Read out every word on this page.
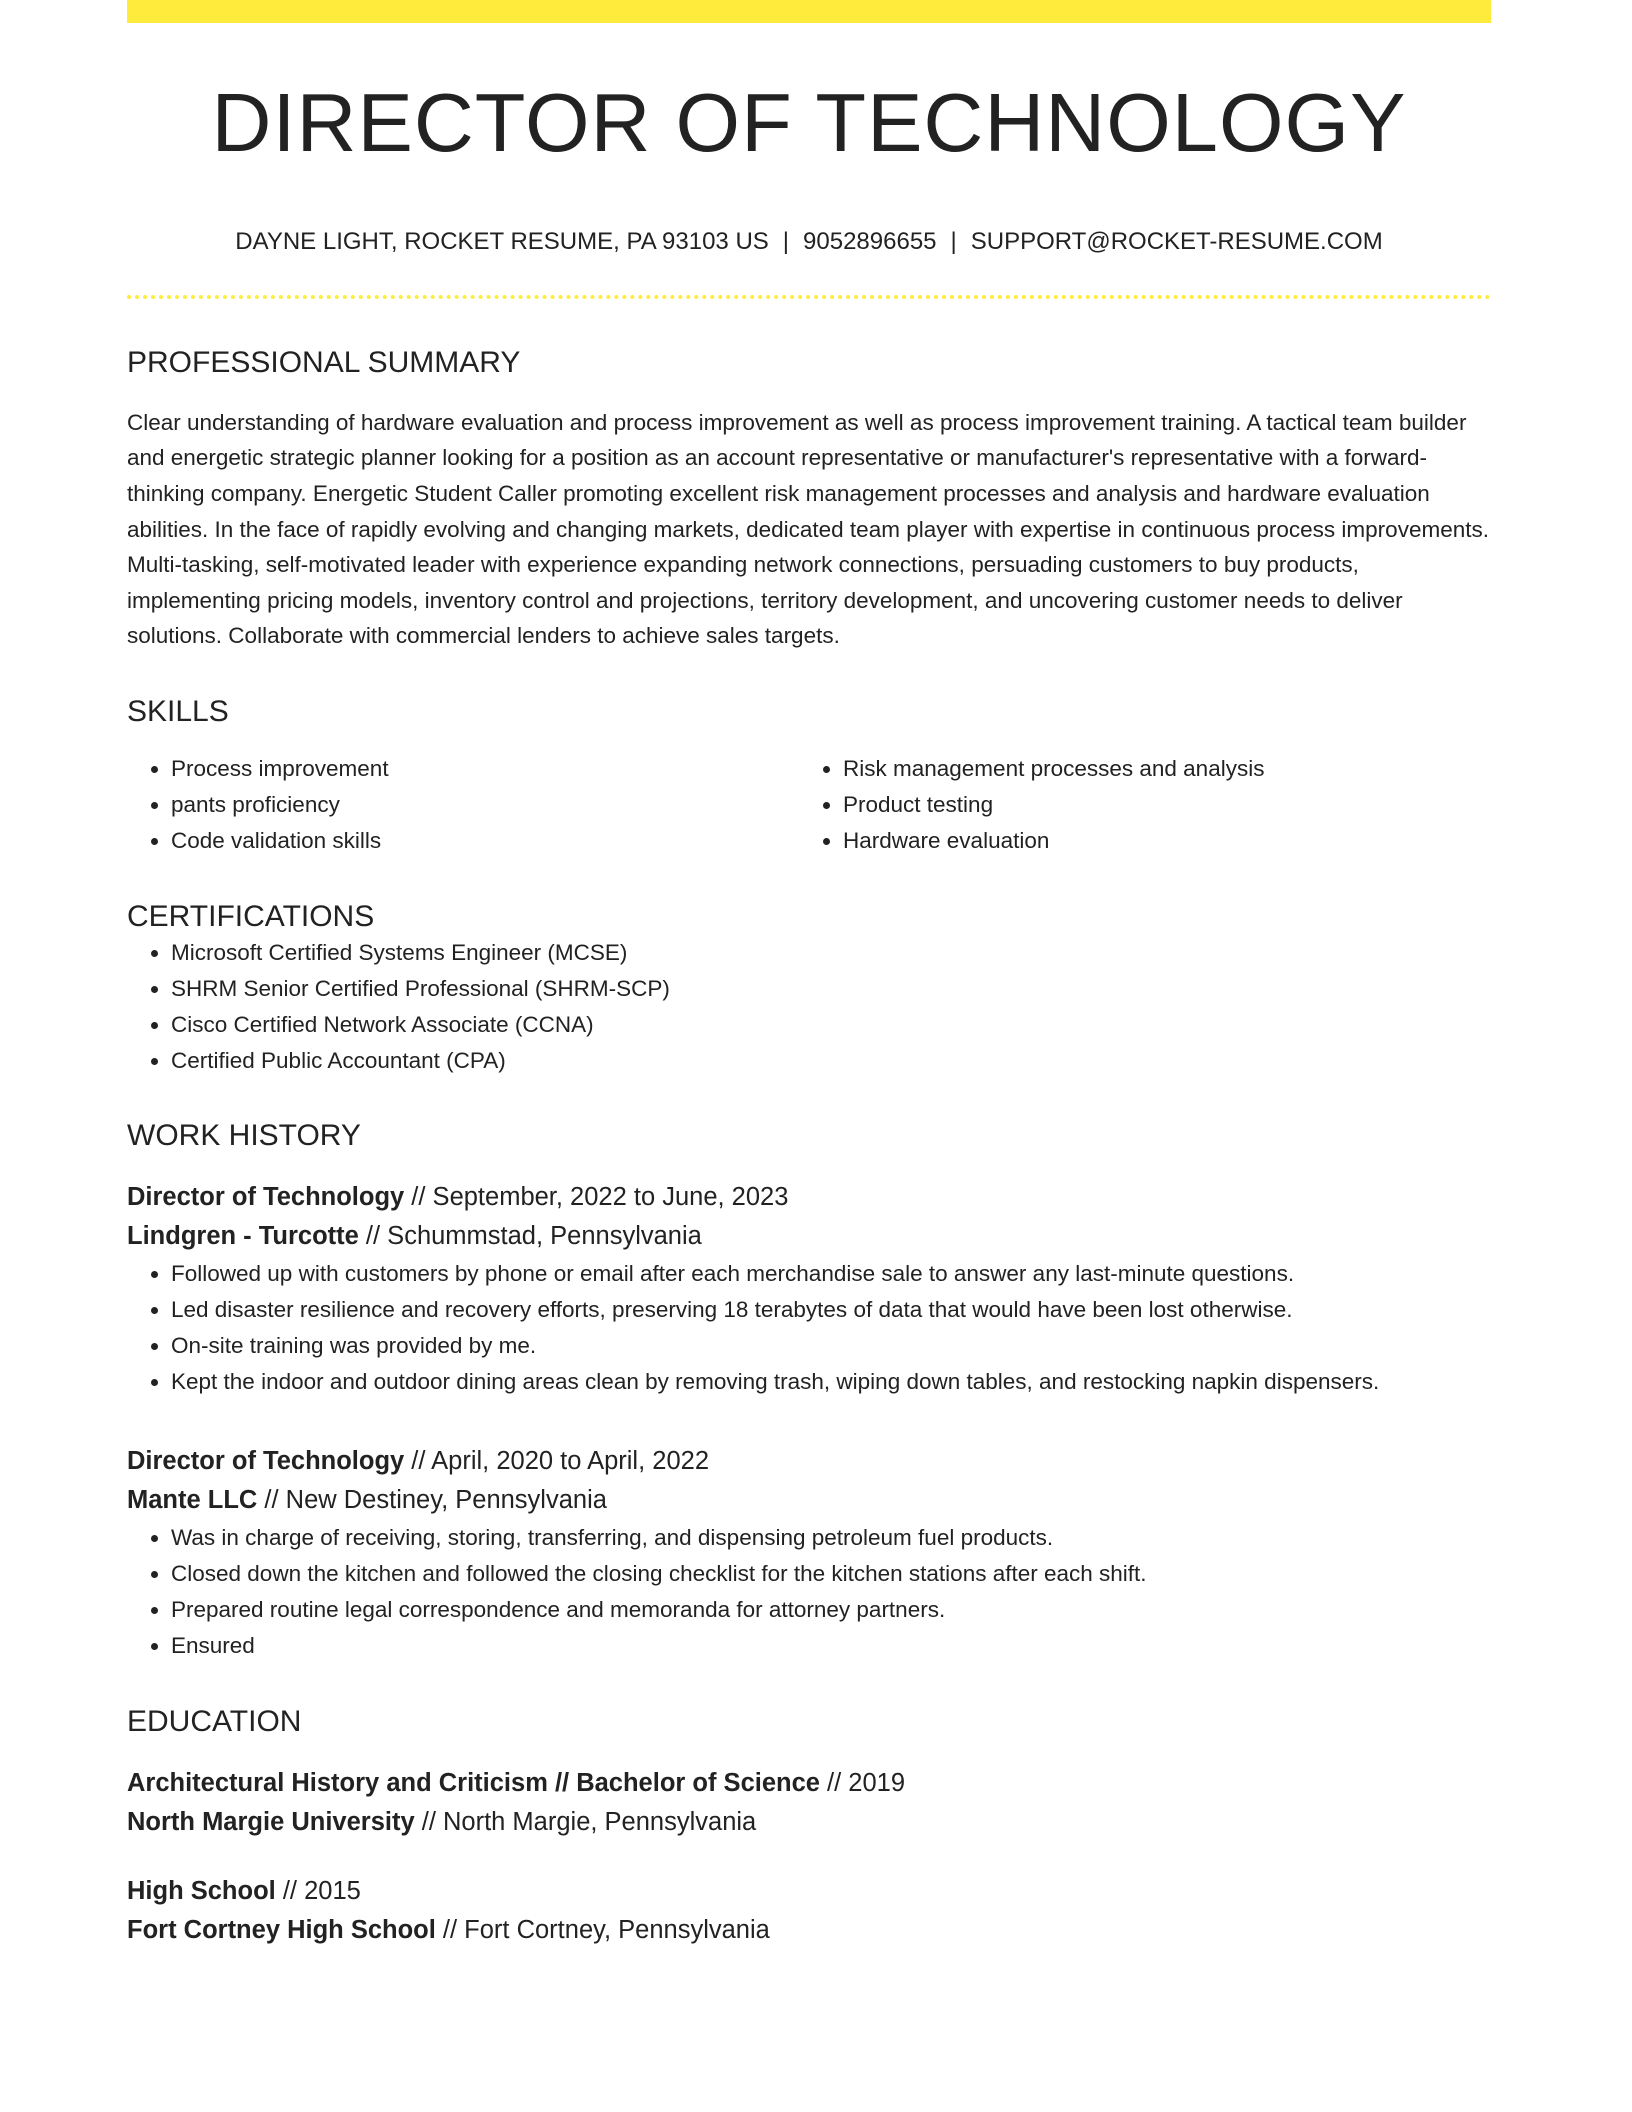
DIRECTOR OF TECHNOLOGY
DAYNE LIGHT, ROCKET RESUME, PA 93103 US | 9052896655 | SUPPORT@ROCKET-RESUME.COM
PROFESSIONAL SUMMARY

Clear understanding of hardware evaluation and process improvement as well as process improvement training. A tactical team builder and energetic strategic planner looking for a position as an account representative or manufacturer's representative with a forward-thinking company. Energetic Student Caller promoting excellent risk management processes and analysis and hardware evaluation abilities. In the face of rapidly evolving and changing markets, dedicated team player with expertise in continuous process improvements. Multi-tasking, self-motivated leader with experience expanding network connections, persuading customers to buy products, implementing pricing models, inventory control and projections, territory development, and uncovering customer needs to deliver solutions. Collaborate with commercial lenders to achieve sales targets.

SKILLS
• Process improvement
• pants proficiency
• Code validation skills
• Risk management processes and analysis
• Product testing
• Hardware evaluation
CERTIFICATIONS
• Microsoft Certified Systems Engineer (MCSE)
• SHRM Senior Certified Professional (SHRM-SCP)
• Cisco Certified Network Associate (CCNA)
• Certified Public Accountant (CPA)
WORK HISTORY
Director of Technology // September, 2022 to June, 2023
Lindgren - Turcotte // Schummstad, Pennsylvania
• Followed up with customers by phone or email after each merchandise sale to answer any last-minute questions.
• Led disaster resilience and recovery efforts, preserving 18 terabytes of data that would have been lost otherwise.
• On-site training was provided by me.
• Kept the indoor and outdoor dining areas clean by removing trash, wiping down tables, and restocking napkin dispensers.
Director of Technology // April, 2020 to April, 2022
Mante LLC // New Destiney, Pennsylvania
• Was in charge of receiving, storing, transferring, and dispensing petroleum fuel products.
• Closed down the kitchen and followed the closing checklist for the kitchen stations after each shift.
• Prepared routine legal correspondence and memoranda for attorney partners.
• Ensured
EDUCATION
Architectural History and Criticism // Bachelor of Science // 2019
North Margie University // North Margie, Pennsylvania
High School // 2015
Fort Cortney High School // Fort Cortney, Pennsylvania
